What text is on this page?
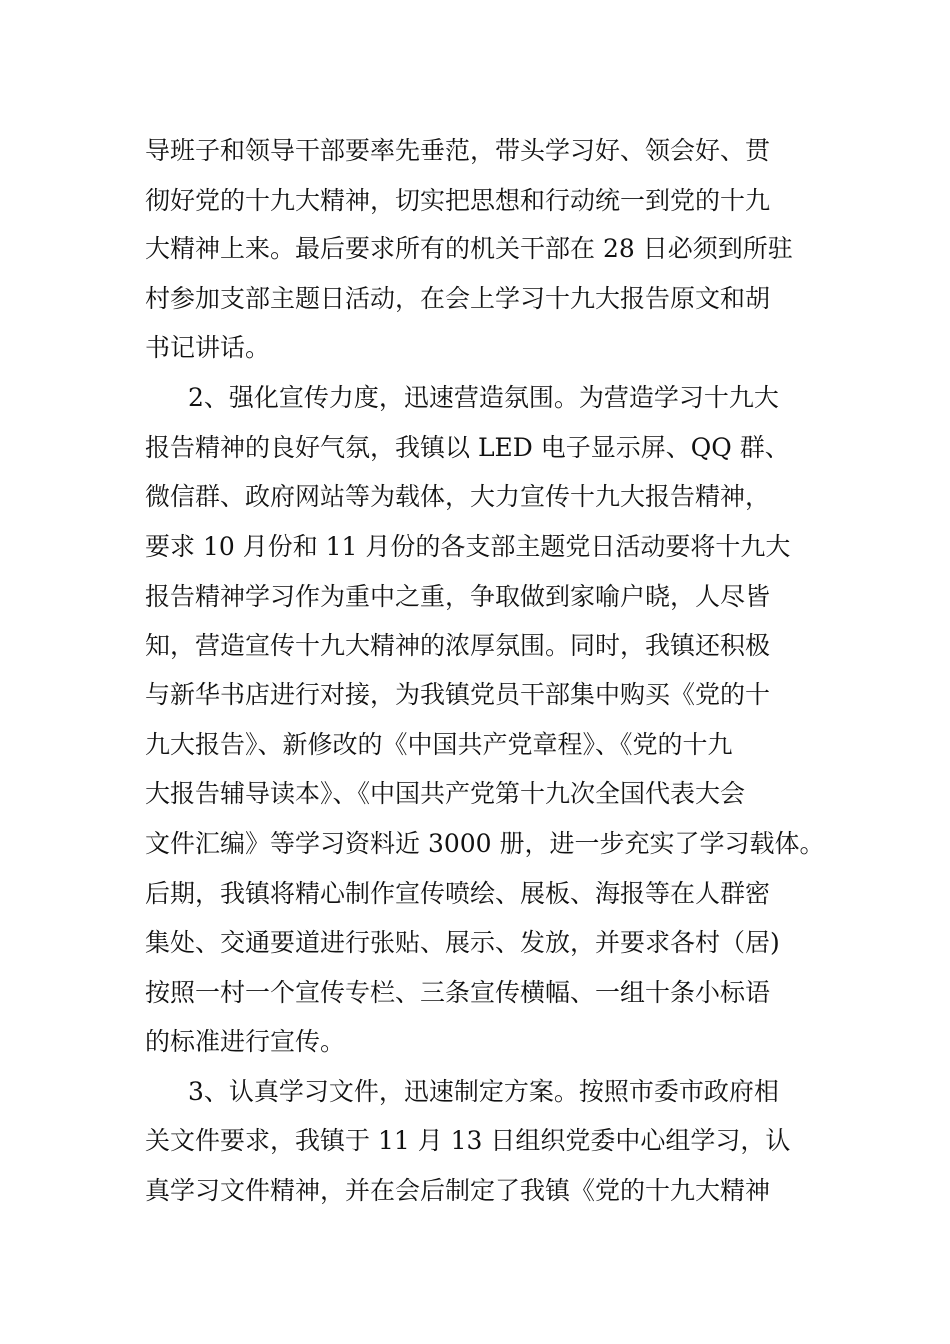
导班子和领导干部要率先垂范，带头学习好、领会好、贯
彻好党的十九大精神，切实把思想和行动统一到党的十九
大精神上来。最后要求所有的机关干部在 28 日必须到所驻
村参加支部主题日活动，在会上学习十九大报告原文和胡
书记讲话。
2、强化宣传力度，迅速营造氛围。为营造学习十九大
报告精神的良好气氛，我镇以 LED 电子显示屏、QQ 群、
微信群、政府网站等为载体，大力宣传十九大报告精神，
要求 10 月份和 11 月份的各支部主题党日活动要将十九大
报告精神学习作为重中之重，争取做到家喻户晓，人尽皆
知，营造宣传十九大精神的浓厚氛围。同时，我镇还积极
与新华书店进行对接，为我镇党员干部集中购买《党的十
九大报告》、新修改的《中国共产党章程》、《党的十九
大报告辅导读本》、《中国共产党第十九次全国代表大会
文件汇编》等学习资料近 3000 册，进一步充实了学习载体。
后期，我镇将精心制作宣传喷绘、展板、海报等在人群密
集处、交通要道进行张贴、展示、发放，并要求各村（居)
按照一村一个宣传专栏、三条宣传横幅、一组十条小标语
的标准进行宣传。
3、认真学习文件，迅速制定方案。按照市委市政府相
关文件要求，我镇于 11 月 13 日组织党委中心组学习，认
真学习文件精神，并在会后制定了我镇《党的十九大精神
